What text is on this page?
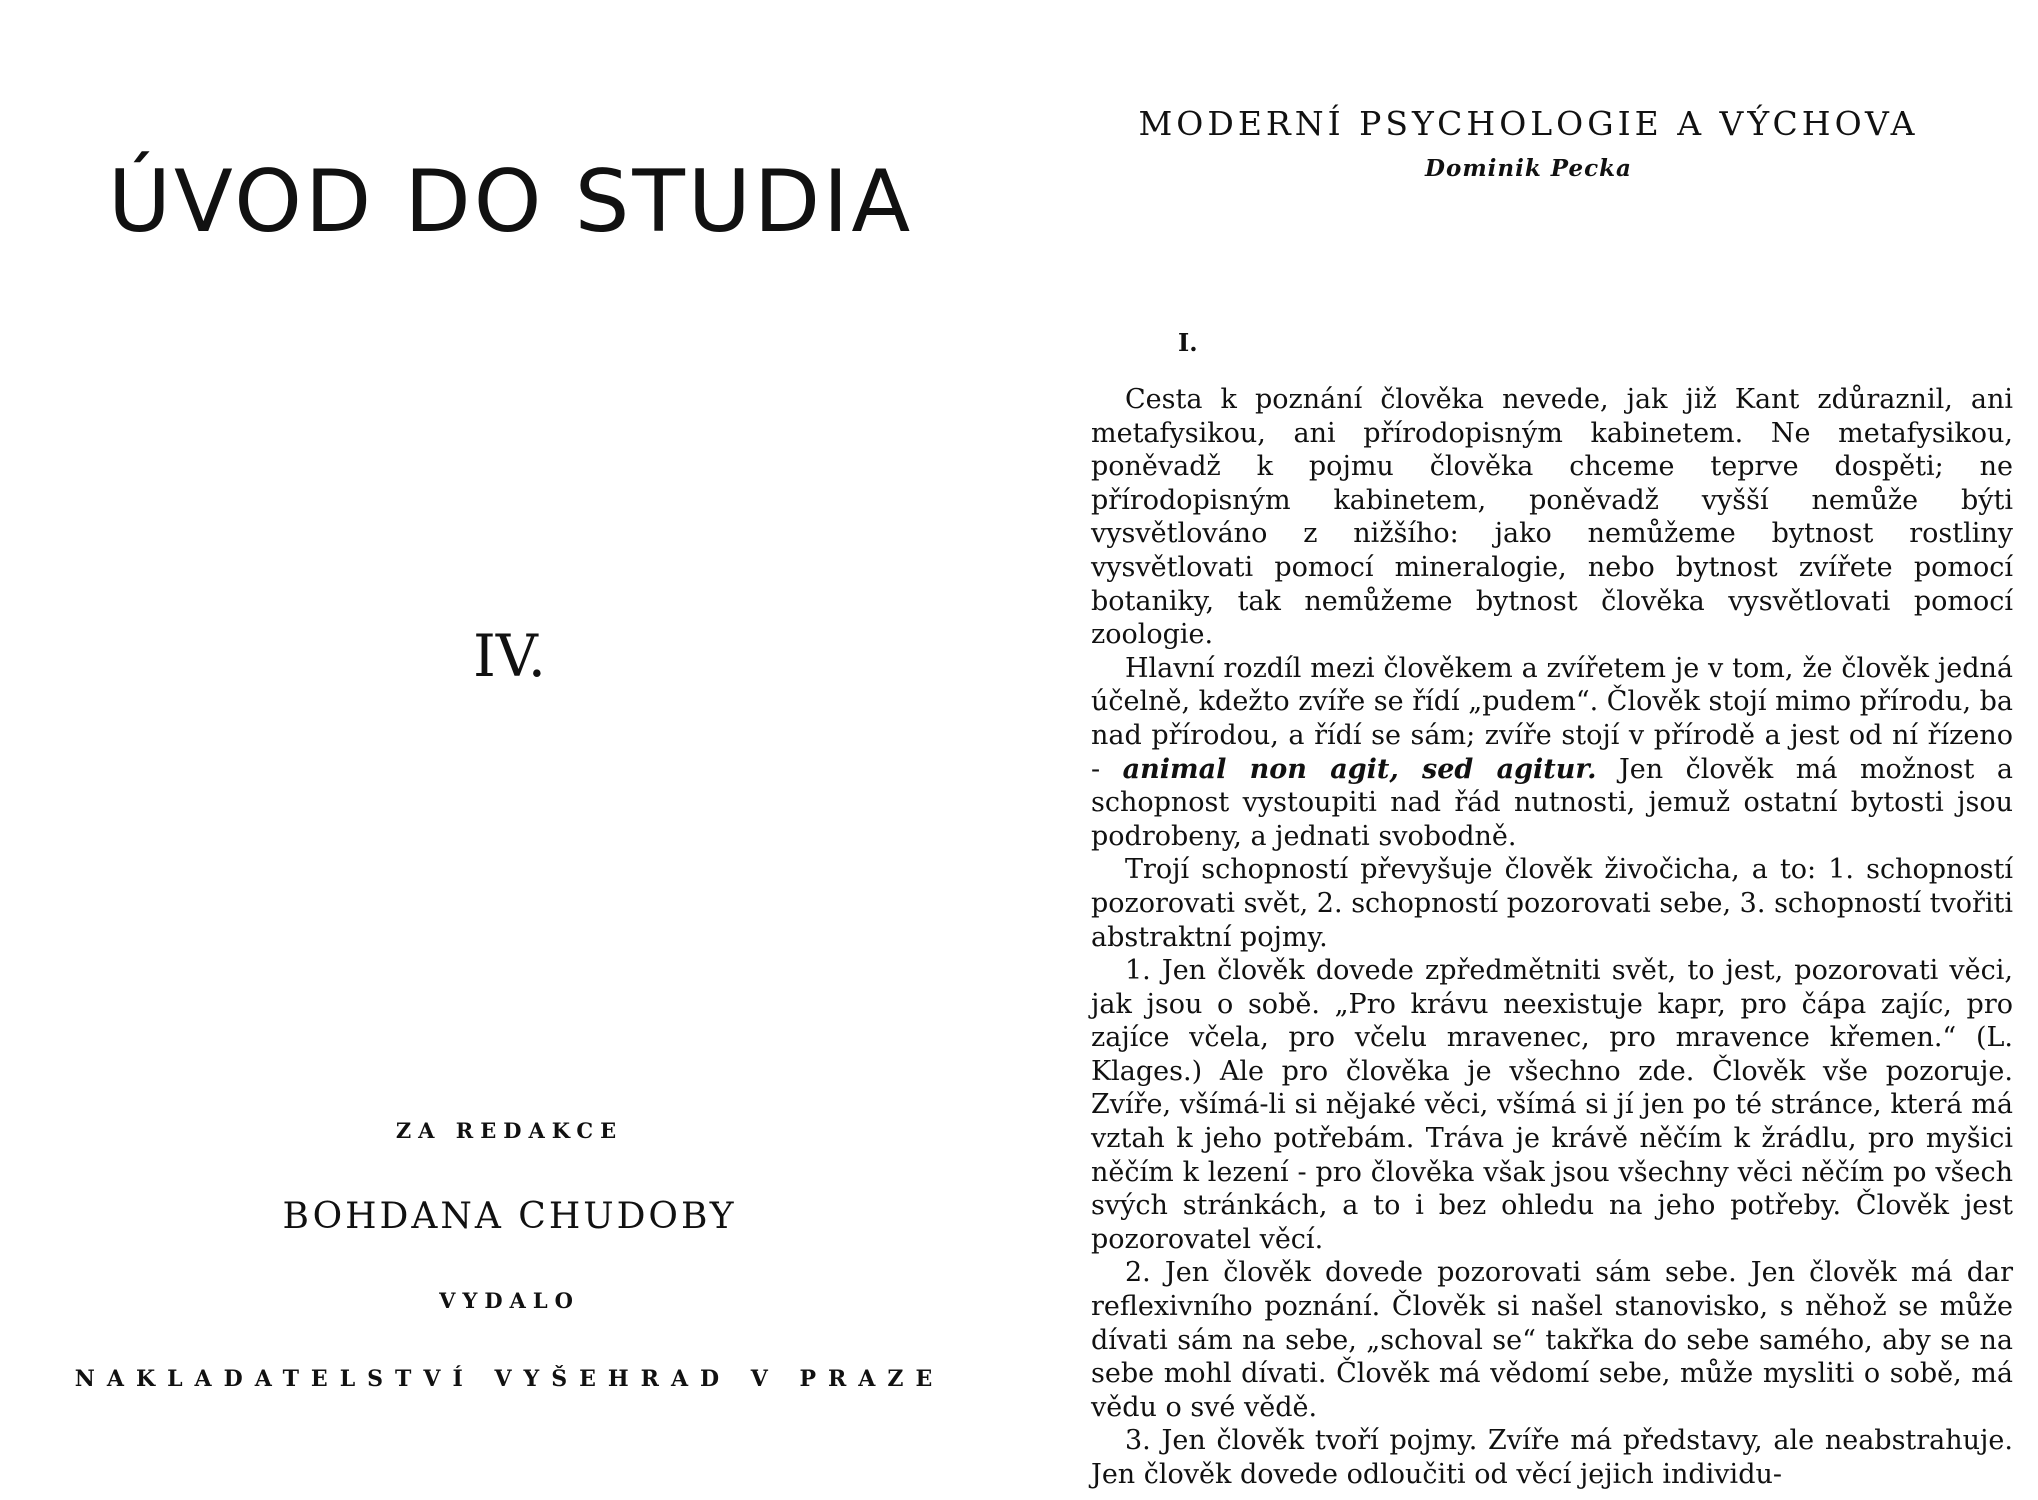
ÚVOD DO STUDIA
IV.
ZA REDAKCE
BOHDANA CHUDOBY
VYDALO
NAKLADATELSTVÍ VYŠEHRAD V PRAZE
MODERNÍ PSYCHOLOGIE A VÝCHOVA
Dominik Pecka
I.

Cesta k poznání člověka nevede, jak již Kant zdůraznil, ani metafysikou, ani přírodopisným kabinetem. Ne metafysikou, poněvadž k pojmu člověka chceme teprve dospěti; ne přírodopisným kabinetem, poněvadž vyšší nemůže býti vysvětlováno z nižšího: jako nemůžeme bytnost rostliny vysvětlovati pomocí mineralogie, nebo bytnost zvířete pomocí botaniky, tak nemůžeme bytnost člověka vysvětlovati pomocí zoologie.

Hlavní rozdíl mezi člověkem a zvířetem je v tom, že člověk jedná účelně, kdežto zvíře se řídí „pudem“. Člověk stojí mimo přírodu, ba nad přírodou, a řídí se sám; zvíře stojí v přírodě a jest od ní řízeno - animal non agit, sed agitur. Jen člověk má možnost a schopnost vystoupiti nad řád nutnosti, jemuž ostatní bytosti jsou podrobeny, a jednati svobodně.

Trojí schopností převyšuje člověk živočicha, a to: 1. schopností pozorovati svět, 2. schopností pozorovati sebe, 3. schopností tvořiti abstraktní pojmy.

1. Jen člověk dovede zpředmětniti svět, to jest, pozorovati věci, jak jsou o sobě. „Pro krávu neexistuje kapr, pro čápa zajíc, pro zajíce včela, pro včelu mravenec, pro mravence křemen.“ (L. Klages.) Ale pro člověka je všechno zde. Člověk vše pozoruje. Zvíře, všímá-li si nějaké věci, všímá si jí jen po té stránce, která má vztah k jeho potřebám. Tráva je krávě něčím k žrádlu, pro myšici něčím k lezení - pro člověka však jsou všechny věci něčím po všech svých stránkách, a to i bez ohledu na jeho potřeby. Člověk jest pozorovatel věcí.

2. Jen člověk dovede pozorovati sám sebe. Jen člověk má dar reflexivního poznání. Člověk si našel stanovisko, s něhož se může dívati sám na sebe, „schoval se“ takřka do sebe samého, aby se na sebe mohl dívati. Člověk má vědomí sebe, může mysliti o sobě, má vědu o své vědě.

3. Jen člověk tvoří pojmy. Zvíře má představy, ale neabstrahuje. Jen člověk dovede odloučiti od věcí jejich individu-
